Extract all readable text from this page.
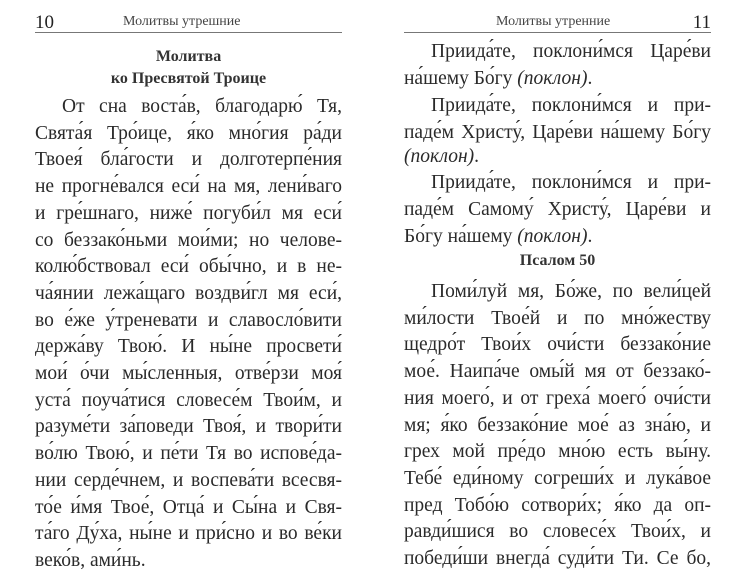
10	Молитвы утрешние
Молитва
ко Пресвятой Троице
От сна воста́в, благодарю́ Тя,
Свята́я Тро́ице, я́ко мно́гия ра́ди
Твоея́ бла́гости и долготерпе́ния
не прогне́вался еси́ на мя, лени́ваго
и гре́шнаго, ниже́ погуби́л мя еси́
со беззако́ньми мои́ми; но челове-
колю́бствовал еси́ обы́чно, и в не-
ча́янии лежа́щаго воздви́гл мя еси́,
во е́же у́треневати и славосло́вити
держа́ву Твою́. И ны́не просвети́
мои́ о́чи мы́сленныя, отве́рзи моя́
уста́ поуча́тися словесе́м Твои́м, и
разуме́ти за́поведи Твоя́, и твори́ти
во́лю Твою́, и пе́ти Тя во испове́да-
нии серде́чнем, и воспева́ти всесвя-
то́е и́мя Твое́, Отца́ и Сы́на и Свя-
та́го Ду́ха, ны́не и при́сно и во ве́ки
веко́в, ами́нь.
Молитвы утренние	11
Приида́те, поклони́мся Царе́ви
на́шему Бо́гу (поклон).
Приида́те, поклони́мся и при-
паде́м Христу́, Царе́ви на́шему Бо́гу
(поклон).
Приида́те, поклони́мся и при-
паде́м Самому́ Христу́, Царе́ви и
Бо́гу на́шему (поклон).
Псалом 50
Поми́луй мя, Бо́же, по вели́цей
ми́лости Твое́й и по мно́жеству
щедро́т Твои́х очи́сти беззако́ние
мое́. Наипа́че омы́й мя от беззако́-
ния моего́, и от греха́ моего́ очи́сти
мя; я́ко беззако́ние мое́ аз зна́ю, и
грех мой пре́до мно́ю есть вы́ну.
Тебе́ еди́ному согреши́х и лука́вое
пред Тобо́ю сотвори́х; я́ко да оп-
равди́шися во словесе́х Твои́х, и
победи́ши внегда́ суди́ти Ти. Се бо,
